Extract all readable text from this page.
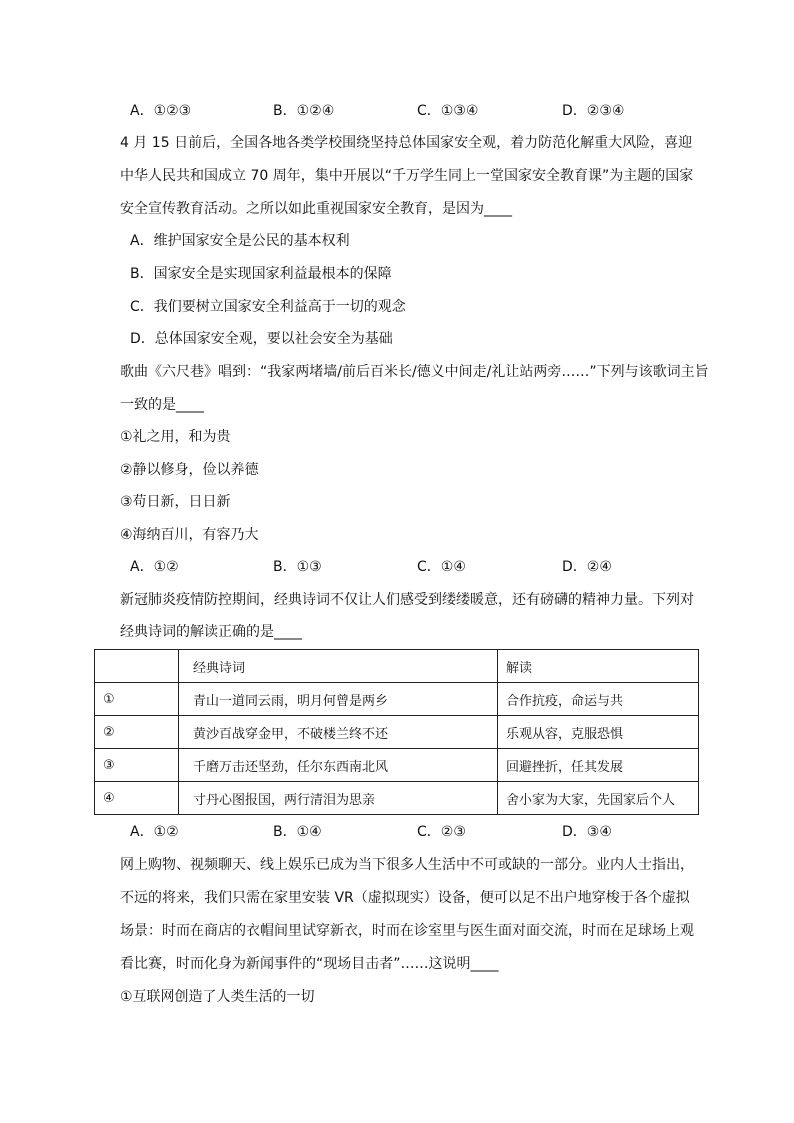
A．①②③	B．①②④	C．①③④	D．②③④
4 月 15 日前后，全国各地各类学校围绕坚持总体国家安全观，着力防范化解重大风险，喜迎
中华人民共和国成立 70 周年，集中开展以“千万学生同上一堂国家安全教育课”为主题的国家
安全宣传教育活动。之所以如此重视国家安全教育，是因为____
A．维护国家安全是公民的基本权利
B．国家安全是实现国家利益最根本的保障
C．我们要树立国家安全利益高于一切的观念
D．总体国家安全观，要以社会安全为基础
歌曲《六尺巷》唱到：“我家两堵墙/前后百米长/德义中间走/礼让站两旁……”下列与该歌词主旨
一致的是____
①礼之用，和为贵
②静以修身，俭以养德
③苟日新，日日新
④海纳百川，有容乃大
A．①②	B．①③	C．①④	D．②④
新冠肺炎疫情防控期间，经典诗词不仅让人们感受到缕缕暖意，还有磅礴的精神力量。下列对
经典诗词的解读正确的是____
	经典诗词	解读
①	青山一道同云雨，明月何曾是两乡	合作抗疫，命运与共
②	黄沙百战穿金甲，不破楼兰终不还	乐观从容，克服恐惧
③	千磨万击还坚劲，任尔东西南北风	回避挫折，任其发展
④	寸丹心图报国，两行清泪为思亲	舍小家为大家，先国家后个人
A．①②	B．①④	C．②③	D．③④
网上购物、视频聊天、线上娱乐已成为当下很多人生活中不可或缺的一部分。业内人士指出，
不远的将来，我们只需在家里安装 VR（虚拟现实）设备，便可以足不出户地穿梭于各个虚拟
场景：时而在商店的衣帽间里试穿新衣，时而在诊室里与医生面对面交流，时而在足球场上观
看比赛，时而化身为新闻事件的“现场目击者”……这说明____
①互联网创造了人类生活的一切
